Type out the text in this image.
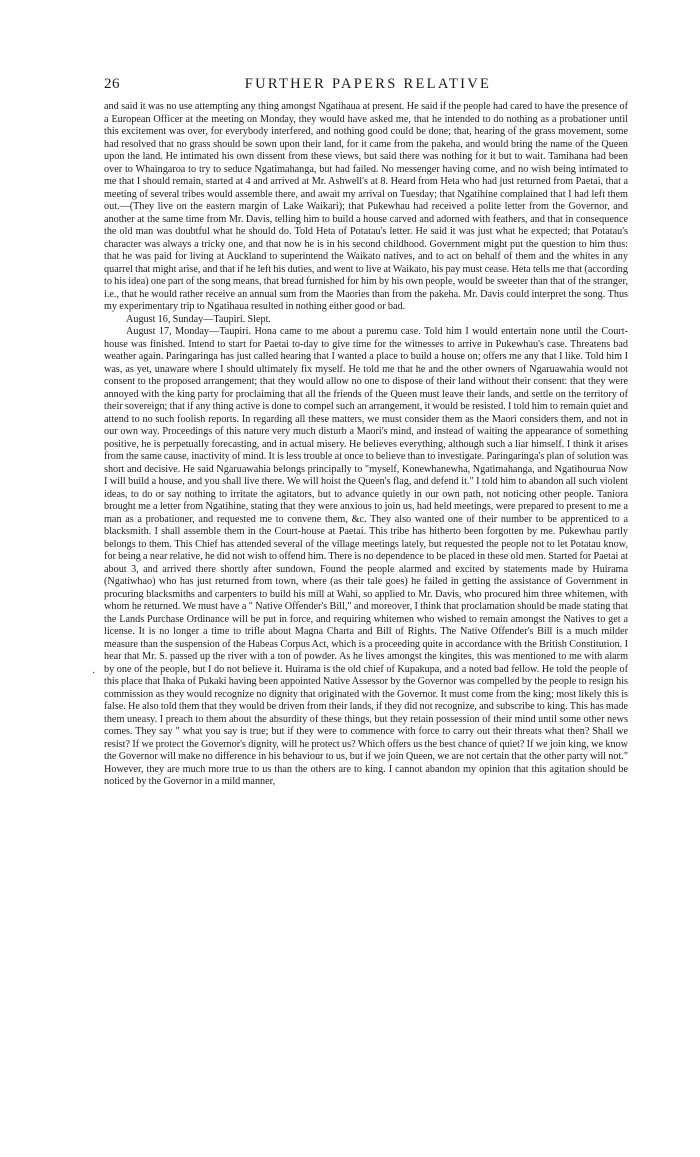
26	FURTHER PAPERS RELATIVE
·

and said it was no use attempting any thing amongst Ngatihaua at present. He said if the people had cared to have the presence of a European Officer at the meeting on Monday, they would have asked me, that he intended to do nothing as a probationer until this excitement was over, for everybody interfered, and nothing good could be done; that, hearing of the grass movement, some had resolved that no grass should be sown upon their land, for it came from the pakeha, and would bring the name of the Queen upon the land. He intimated his own dissent from these views, but said there was nothing for it but to wait. Tamihana had been over to Whaingaroa to try to seduce Ngatimahanga, but had failed. No messenger having come, and no wish being intimated to me that I should remain, started at 4 and arrived at Mr. Ashwell's at 8. Heard from Heta who had just returned from Paetai, that a meeting of several tribes would assemble there, and await my arrival on Tuesday; that Ngatihine complained that I had left them out.—(They live on the eastern margin of Lake Waikari); that Pukewhau had received a polite letter from the Governor, and another at the same time from Mr. Davis, telling him to build a house carved and adorned with feathers, and that in consequence the old man was doubtful what he should do. Told Heta of Potatau's letter. He said it was just what he expected; that Potatau's character was always a tricky one, and that now he is in his second childhood. Government might put the question to him thus: that he was paid for living at Auckland to superintend the Waikato natives, and to act on behalf of them and the whites in any quarrel that might arise, and that if he left his duties, and went to live at Waikato, his pay must cease. Heta tells me that (according to his idea) one part of the song means, that bread furnished for him by his own people, would be sweeter than that of the stranger, i.e., that he would rather receive an annual sum from the Maories than from the pakeha. Mr. Davis could interpret the song. Thus my experimentary trip to Ngatihaua resulted in nothing either good or bad.

August 16, Sunday—Taupiri. Slept.

August 17, Monday—Taupiri. Hona came to me about a puremu case. Told him I would entertain none until the Court-house was finished. Intend to start for Paetai to-day to give time for the witnesses to arrive in Pukewhau's case. Threatens bad weather again. Paringaringa has just called hearing that I wanted a place to build a house on; offers me any that I like. Told him I was, as yet, unaware where I should ultimately fix myself. He told me that he and the other owners of Ngaruawahia would not consent to the proposed arrangement; that they would allow no one to dispose of their land without their consent: that they were annoyed with the king party for proclaiming that all the friends of the Queen must leave their lands, and settle on the territory of their sovereign; that if any thing active is done to compel such an arrangement, it would be resisted. I told him to remain quiet and attend to no such foolish reports. In regarding all these matters, we must consider them as the Maori considers them, and not in our own way. Proceedings of this nature very much disturb a Maori's mind, and instead of waiting the appearance of something positive, he is perpetually forecasting, and in actual misery. He believes everything, although such a liar himself. I think it arises from the same cause, inactivity of mind. It is less trouble at once to believe than to investigate. Paringaringa's plan of solution was short and decisive. He said Ngaruawahia belongs principally to "myself, Konewhanewha, Ngatimahanga, and Ngatihourua Now I will build a house, and you shall live there. We will hoist the Queen's flag, and defend it." I told him to abandon all such violent ideas, to do or say nothing to irritate the agitators, but to advance quietly in our own path, not noticing other people. Taniora brought me a letter from Ngatihine, stating that they were anxious to join us, had held meetings, were prepared to present to me a man as a probationer, and requested me to convene them, &c. They also wanted one of their number to be apprenticed to a blacksmith. I shall assemble them in the Court-house at Paetai. This tribe has hitherto been forgotten by me. Pukewhau partly belongs to them. This Chief has attended several of the village meetings lately, but requested the people not to let Potatau know, for being a near relative, he did not wish to offend him. There is no dependence to be placed in these old men. Started for Paetai at about 3, and arrived there shortly after sundown. Found the people alarmed and excited by statements made by Huirama (Ngatiwhao) who has just returned from town, where (as their tale goes) he failed in getting the assistance of Government in procuring blacksmiths and carpenters to build his mill at Wahi, so applied to Mr. Davis, who procured him three whitemen, with whom he returned. We must have a " Native Offender's Bill," and moreover, I think that proclamation should be made stating that the Lands Purchase Ordinance will be put in force, and requiring whitemen who wished to remain amongst the Natives to get a license. It is no longer a time to trifle about Magna Charta and Bill of Rights. The Native Offender's Bill is a much milder measure than the suspension of the Habeas Corpus Act, which is a proceeding quite in accordance with the British Constitution. I hear that Mr. S. passed up the river with a ton of powder. As he lives amongst the kingites, this was mentioned to me with alarm by one of the people, but I do not believe it. Huirama is the old chief of Kupakupa, and a noted bad fellow. He told the people of this place that Ihaka of Pukaki having been appointed Native Assessor by the Governor was compelled by the people to resign his commission as they would recognize no dignity that originated with the Governor. It must come from the king; most likely this is false. He also told them that they would be driven from their lands, if they did not recognize, and subscribe to king. This has made them uneasy. I preach to them about the absurdity of these things, but they retain possession of their mind until some other news comes. They say " what you say is true; but if they were to commence with force to carry out their threats what then? Shall we resist? If we protect the Governor's dignity, will he protect us? Which offers us the best chance of quiet? If we join king, we know the Governor will make no difference in his behaviour to us, but if we join Queen, we are not certain that the other party will not." However, they are much more true to us than the others are to king. I cannot abandon my opinion that this agitation should be noticed by the Governor in a mild manner,
